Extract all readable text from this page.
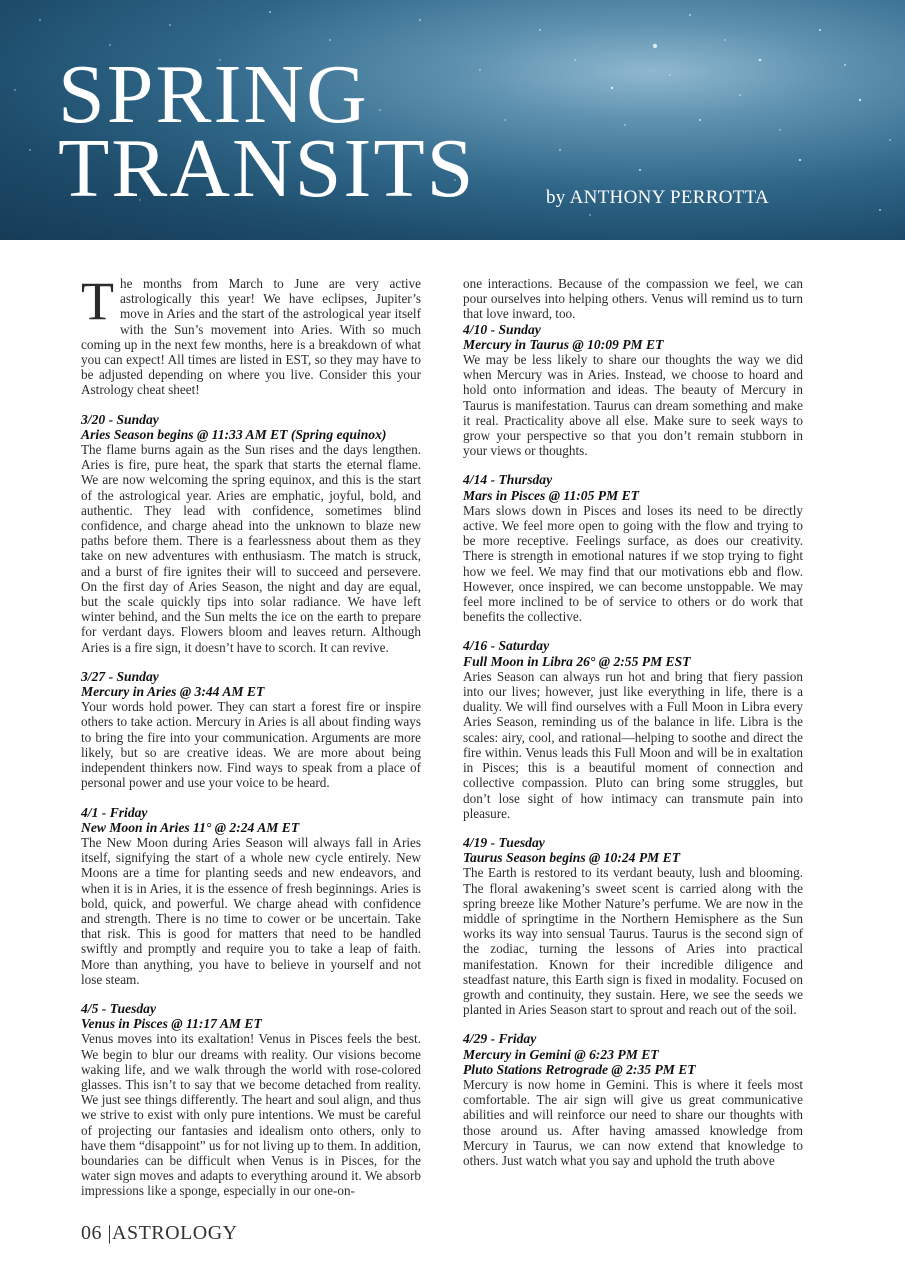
SPRING
TRANSITS	by ANTHONY PERROTTA

The months from March to June are very active astrologically this year! We have eclipses, Jupiter’s move in Aries and the start of the astrological year itself with the Sun’s movement into Aries. With so much coming up in the next few months, here is a breakdown of what you can expect! All times are listed in EST, so they may have to be adjusted depending on where you live. Consider this your Astrology cheat sheet!

3/20 - Sunday
Aries Season begins @ 11:33 AM ET (Spring equinox)

The flame burns again as the Sun rises and the days lengthen. Aries is fire, pure heat, the spark that starts the eternal flame. We are now welcoming the spring equinox, and this is the start of the astrological year. Aries are emphatic, joyful, bold, and authentic. They lead with confidence, sometimes blind confidence, and charge ahead into the unknown to blaze new paths before them. There is a fearlessness about them as they take on new adventures with enthusiasm. The match is struck, and a burst of fire ignites their will to succeed and persevere. On the first day of Aries Season, the night and day are equal, but the scale quickly tips into solar radiance. We have left winter behind, and the Sun melts the ice on the earth to prepare for verdant days. Flowers bloom and leaves return. Although Aries is a fire sign, it doesn’t have to scorch. It can revive.

3/27 - Sunday
Mercury in Aries @ 3:44 AM ET

Your words hold power. They can start a forest fire or inspire others to take action. Mercury in Aries is all about finding ways to bring the fire into your communication. Arguments are more likely, but so are creative ideas. We are more about being independent thinkers now. Find ways to speak from a place of personal power and use your voice to be heard.

4/1 - Friday
New Moon in Aries 11° @ 2:24 AM ET

The New Moon during Aries Season will always fall in Aries itself, signifying the start of a whole new cycle entirely. New Moons are a time for planting seeds and new endeavors, and when it is in Aries, it is the essence of fresh beginnings. Aries is bold, quick, and powerful. We charge ahead with confidence and strength. There is no time to cower or be uncertain. Take that risk. This is good for matters that need to be handled swiftly and promptly and require you to take a leap of faith. More than anything, you have to believe in yourself and not lose steam.

4/5 - Tuesday
Venus in Pisces @ 11:17 AM ET

Venus moves into its exaltation! Venus in Pisces feels the best. We begin to blur our dreams with reality. Our visions become waking life, and we walk through the world with rose-colored glasses. This isn’t to say that we become detached from reality. We just see things differently. The heart and soul align, and thus we strive to exist with only pure intentions. We must be careful of projecting our fantasies and idealism onto others, only to have them “disappoint” us for not living up to them. In addition, boundaries can be difficult when Venus is in Pisces, for the water sign moves and adapts to everything around it. We absorb impressions like a sponge, especially in our one-on-

one interactions. Because of the compassion we feel, we can pour ourselves into helping others. Venus will remind us to turn that love inward, too.

4/10 - Sunday
Mercury in Taurus @ 10:09 PM ET

We may be less likely to share our thoughts the way we did when Mercury was in Aries. Instead, we choose to hoard and hold onto information and ideas. The beauty of Mercury in Taurus is manifestation. Taurus can dream something and make it real. Practicality above all else. Make sure to seek ways to grow your perspective so that you don’t remain stubborn in your views or thoughts.

4/14 - Thursday
Mars in Pisces @ 11:05 PM ET

Mars slows down in Pisces and loses its need to be directly active. We feel more open to going with the flow and trying to be more receptive. Feelings surface, as does our creativity. There is strength in emotional natures if we stop trying to fight how we feel. We may find that our motivations ebb and flow. However, once inspired, we can become unstoppable. We may feel more inclined to be of service to others or do work that benefits the collective.

4/16 - Saturday
Full Moon in Libra 26° @ 2:55 PM EST

Aries Season can always run hot and bring that fiery passion into our lives; however, just like everything in life, there is a duality. We will find ourselves with a Full Moon in Libra every Aries Season, reminding us of the balance in life. Libra is the scales: airy, cool, and rational—helping to soothe and direct the fire within. Venus leads this Full Moon and will be in exaltation in Pisces; this is a beautiful moment of connection and collective compassion. Pluto can bring some struggles, but don’t lose sight of how intimacy can transmute pain into pleasure.

4/19 - Tuesday
Taurus Season begins @ 10:24 PM ET

The Earth is restored to its verdant beauty, lush and blooming. The floral awakening’s sweet scent is carried along with the spring breeze like Mother Nature’s perfume. We are now in the middle of springtime in the Northern Hemisphere as the Sun works its way into sensual Taurus. Taurus is the second sign of the zodiac, turning the lessons of Aries into practical manifestation. Known for their incredible diligence and steadfast nature, this Earth sign is fixed in modality. Focused on growth and continuity, they sustain. Here, we see the seeds we planted in Aries Season start to sprout and reach out of the soil.

4/29 - Friday
Mercury in Gemini @ 6:23 PM ET
Pluto Stations Retrograde @ 2:35 PM ET

Mercury is now home in Gemini. This is where it feels most comfortable. The air sign will give us great communicative abilities and will reinforce our need to share our thoughts with those around us. After having amassed knowledge from Mercury in Taurus, we can now extend that knowledge to others. Just watch what you say and uphold the truth above

06 |ASTROLOGY
